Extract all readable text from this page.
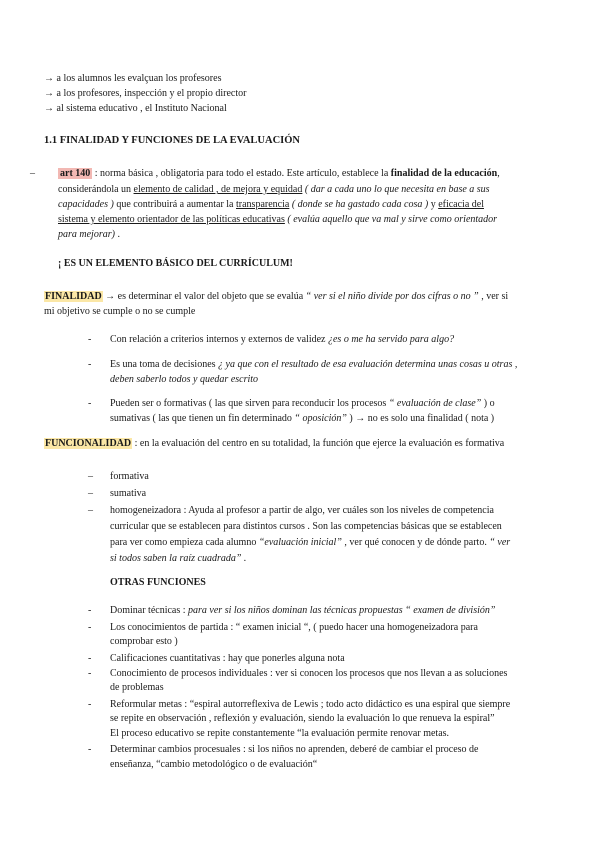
→ a los alumnos les evalçuan los profesores
→ a los profesores, inspección y el propio director
→ al sistema educativo , el Instituto Nacional
1.1 FINALIDAD Y FUNCIONES DE LA EVALUACIÓN
–	art 140 : norma básica , obligatoria para todo el estado. Este artículo, establece la finalidad de la educación,
considerándola un elemento de calidad , de mejora y equidad ( dar a cada uno lo que necesita en base a sus
capacidades ) que contribuirá a aumentar la transparencia ( donde se ha gastado cada cosa ) y eficacia del
sistema y elemento orientador de las políticas educativas ( evalúa aquello que va mal y sirve como orientador
para mejorar) .
¡ ES UN ELEMENTO BÁSICO DEL CURRÍCULUM!
FINALIDAD → es determinar el valor del objeto que se evalúa “ ver si el niño divide por dos cifras o no ” , ver si
mi objetivo se cumple o no se cumple
- Con relación a criterios internos y externos de validez ¿es o me ha servido para algo?
- Es una toma de decisiones ¿ ya que con el resultado de esa evaluación determina unas cosas u otras ,
deben saberlo todos y quedar escrito
- Pueden ser o formativas ( las que sirven para reconducir los procesos “ evaluación de clase” ) o
sumativas ( las que tienen un fin determinado “ oposición” ) → no es solo una finalidad ( nota )
FUNCIONALIDAD : en la evaluación del centro en su totalidad, la función que ejerce la evaluación es formativa
– formativa
– sumativa
– homogeneizadora : Ayuda al profesor a partir de algo, ver cuáles son los niveles de competencia
curricular que se establecen para distintos cursos . Son las competencias básicas que se establecen
para ver como empieza cada alumno “evaluación inicial” , ver qué conocen y de dónde parto. “ ver
si todos saben la raíz cuadrada” .
OTRAS FUNCIONES
- Dominar técnicas : para ver si los niños dominan las técnicas propuestas “ examen de división”
- Los conocimientos de partida : “ examen inicial “, ( puedo hacer una homogeneizadora para
comprobar esto )
- Calificaciones cuantitativas : hay que ponerles alguna nota
- Conocimiento de procesos individuales : ver si conocen los procesos que nos llevan a as soluciones
de problemas
- Reformular metas : “espiral autorreflexiva de Lewis ; todo acto didáctico es una espiral que siempre
se repite en observación , reflexión y evaluación, siendo la evaluación lo que renueva la espiral”
El proceso educativo se repite constantemente “la evaluación permite renovar metas.
- Determinar cambios procesuales : si los niños no aprenden, deberé de cambiar el proceso de
enseñanza, “cambio metodológico o de evaluación“
